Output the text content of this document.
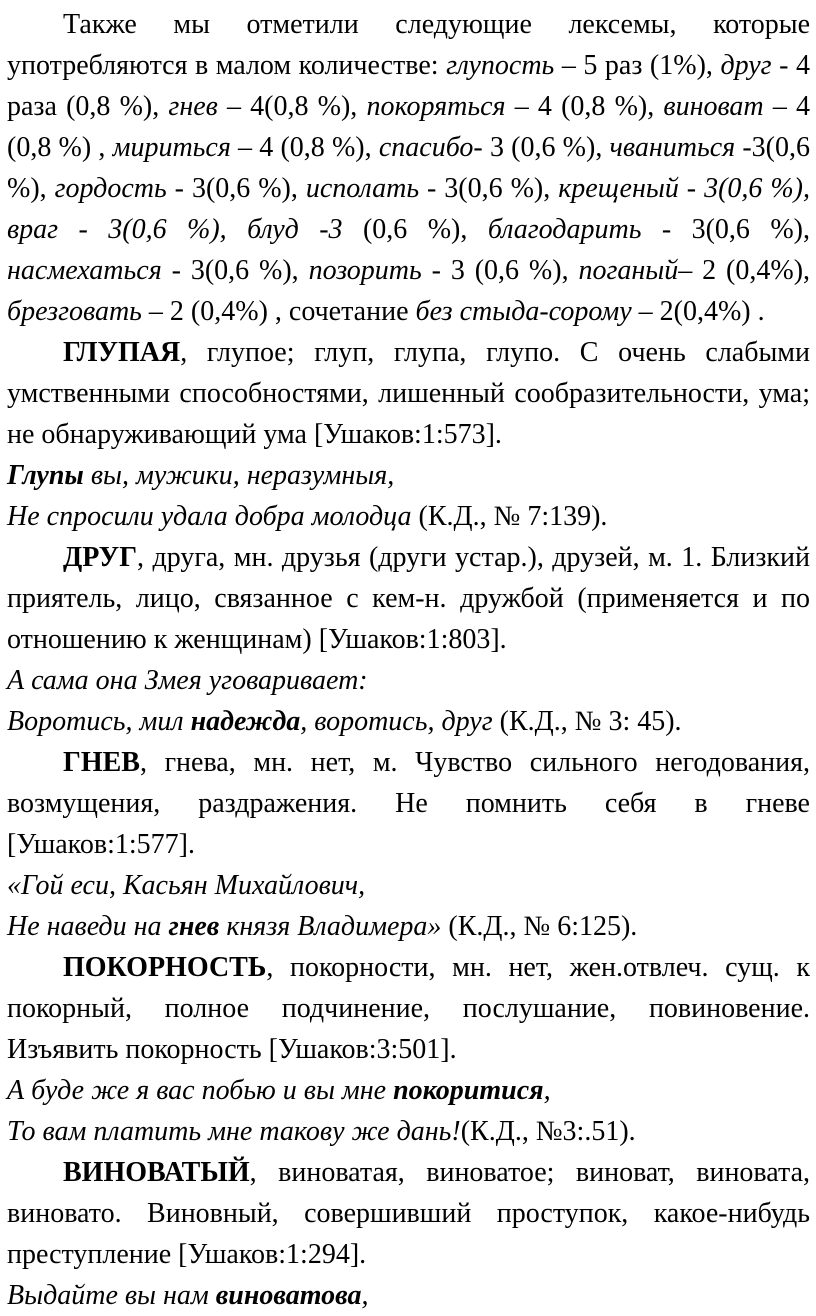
Также мы отметили следующие лексемы, которые употребляются в малом количестве: глупость – 5 раз (1%), друг - 4 раза (0,8 %), гнев – 4(0,8 %), покоряться – 4 (0,8 %), виноват – 4 (0,8 %) , мириться – 4 (0,8 %), спасибо- 3 (0,6 %), чваниться -3(0,6 %), гордость - 3(0,6 %), исполать - 3(0,6 %), крещеный - 3(0,6 %), враг - 3(0,6 %), блуд -3 (0,6 %), благодарить - 3(0,6 %), насмехаться - 3(0,6 %), позорить - 3 (0,6 %), поганый– 2 (0,4%), брезговать – 2 (0,4%) , сочетание без стыда-сорому – 2(0,4%) .

ГЛУПАЯ, глупое; глуп, глупа, глупо. С очень слабыми умственными способностями, лишенный сообразительности, ума; не обнаруживающий ума [Ушаков:1:573].

Глупы вы, мужики, неразумныя,

Не спросили удала добра молодца (К.Д., № 7:139).

ДРУГ, друга, мн. друзья (други устар.), друзей, м. 1. Близкий приятель, лицо, связанное с кем-н. дружбой (применяется и по отношению к женщинам) [Ушаков:1:803].

А сама она Змея уговаривает:

Воротись, мил надежда, воротись, друг (К.Д., № 3: 45).

ГНЕВ, гнева, мн. нет, м. Чувство сильного негодования, возмущения, раздражения. Не помнить себя в гневе [Ушаков:1:577].

«Гой еси, Касьян Михайлович,

Не наведи на гнев князя Владимера» (К.Д., № 6:125).

ПОКОРНОСТЬ, покорности, мн. нет, жен.отвлеч. сущ. к покорный, полное подчинение, послушание, повиновение. Изъявить покорность [Ушаков:3:501].

А буде же я вас побью и вы мне покоритися,

То вам платить мне такову же дань!(К.Д., №3:.51).

ВИНОВАТЫЙ, виноватая, виноватое; виноват, виновата, виновато. Виновный, совершивший проступок, какое-нибудь преступление [Ушаков:1:294].

Выдайте вы нам виноватова,
